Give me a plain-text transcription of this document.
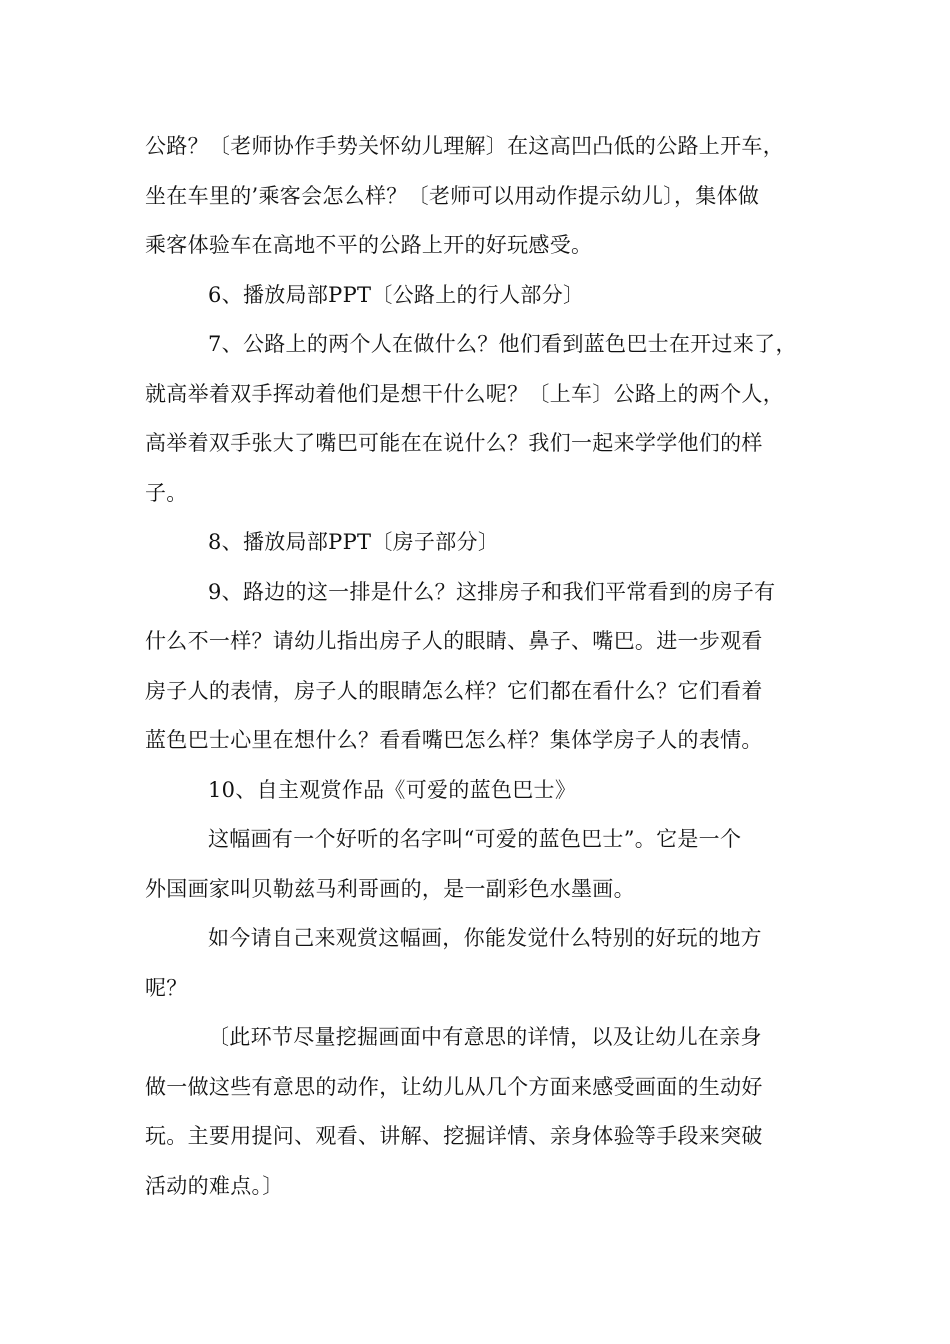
公路？〔老师协作手势关怀幼儿理解〕在这高凹凸低的公路上开车，
坐在车里的’乘客会怎么样？〔老师可以用动作提示幼儿〕，集体做
乘客体验车在高地不平的公路上开的好玩感受。
6、播放局部PPT〔公路上的行人部分〕
7、公路上的两个人在做什么？他们看到蓝色巴士在开过来了，
就高举着双手挥动着他们是想干什么呢？〔上车〕公路上的两个人，
高举着双手张大了嘴巴可能在在说什么？我们一起来学学他们的样
子。
8、播放局部PPT〔房子部分〕
9、路边的这一排是什么？这排房子和我们平常看到的房子有
什么不一样？请幼儿指出房子人的眼睛、鼻子、嘴巴。进一步观看
房子人的表情，房子人的眼睛怎么样？它们都在看什么？它们看着
蓝色巴士心里在想什么？看看嘴巴怎么样？集体学房子人的表情。
10、自主观赏作品《可爱的蓝色巴士》
这幅画有一个好听的名字叫“可爱的蓝色巴士”。它是一个
外国画家叫贝勒兹马利哥画的，是一副彩色水墨画。
如今请自己来观赏这幅画，你能发觉什么特别的好玩的地方
呢？
〔此环节尽量挖掘画面中有意思的详情，以及让幼儿在亲身
做一做这些有意思的动作，让幼儿从几个方面来感受画面的生动好
玩。主要用提问、观看、讲解、挖掘详情、亲身体验等手段来突破
活动的难点。〕
